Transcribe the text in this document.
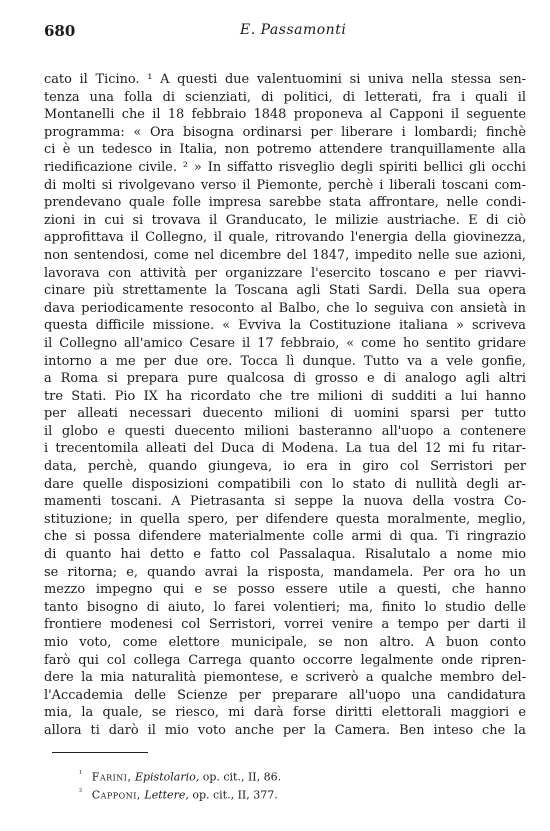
680	E. Passamonti
cato il Ticino. ¹ A questi due valentuomini si univa nella stessa sen-
tenza una folla di scienziati, di politici, di letterati, fra i quali il
Montanelli che il 18 febbraio 1848 proponeva al Capponi il seguente
programma: « Ora bisogna ordinarsi per liberare i lombardi; finchè
ci è un tedesco in Italia, non potremo attendere tranquillamente alla
riedificazione civile. ² » In siffatto risveglio degli spiriti bellici gli occhi
di molti si rivolgevano verso il Piemonte, perchè i liberali toscani com-
prendevano quale folle impresa sarebbe stata affrontare, nelle condi-
zioni in cui si trovava il Granducato, le milizie austriache. E di ciò
approfittava il Collegno, il quale, ritrovando l'energia della giovinezza,
non sentendosi, come nel dicembre del 1847, impedito nelle sue azioni,
lavorava con attività per organizzare l'esercito toscano e per riavvi-
cinare più strettamente la Toscana agli Stati Sardi. Della sua opera
dava periodicamente resoconto al Balbo, che lo seguiva con ansietà in
questa difficile missione. « Evviva la Costituzione italiana » scriveva
il Collegno all'amico Cesare il 17 febbraio, « come ho sentito gridare
intorno a me per due ore. Tocca lì dunque. Tutto va a vele gonfie,
a Roma si prepara pure qualcosa di grosso e di analogo agli altri
tre Stati. Pio IX ha ricordato che tre milioni di sudditi a lui hanno
per alleati necessari duecento milioni di uomini sparsi per tutto
il globo e questi duecento milioni basteranno all'uopo a contenere
i trecentomila alleati del Duca di Modena. La tua del 12 mi fu ritar-
data, perchè, quando giungeva, io era in giro col Serristori per
dare quelle disposizioni compatibili con lo stato di nullità degli ar-
mamenti toscani. A Pietrasanta si seppe la nuova della vostra Co-
stituzione; in quella spero, per difendere questa moralmente, meglio,
che si possa difendere materialmente colle armi di qua. Ti ringrazio
di quanto hai detto e fatto col Passalaqua. Risalutalo a nome mio
se ritorna; e, quando avrai la risposta, mandamela. Per ora ho un
mezzo impegno qui e se posso essere utile a questi, che hanno
tanto bisogno di aiuto, lo farei volentieri; ma, finito lo studio delle
frontiere modenesi col Serristori, vorrei venire a tempo per darti il
mio voto, come elettore municipale, se non altro. A buon conto
farò qui col collega Carrega quanto occorre legalmente onde ripren-
dere la mia naturalità piemontese, e scriverò a qualche membro del-
l'Accademia delle Scienze per preparare all'uopo una candidatura
mia, la quale, se riesco, mi darà forse diritti elettorali maggiori e
allora ti darò il mio voto anche per la Camera. Ben inteso che la
$^{^1}$ Farini, Epistolario, op. cit., II, 86.
$^{^2}$ Capponi, Lettere, op. cit., II, 377.
